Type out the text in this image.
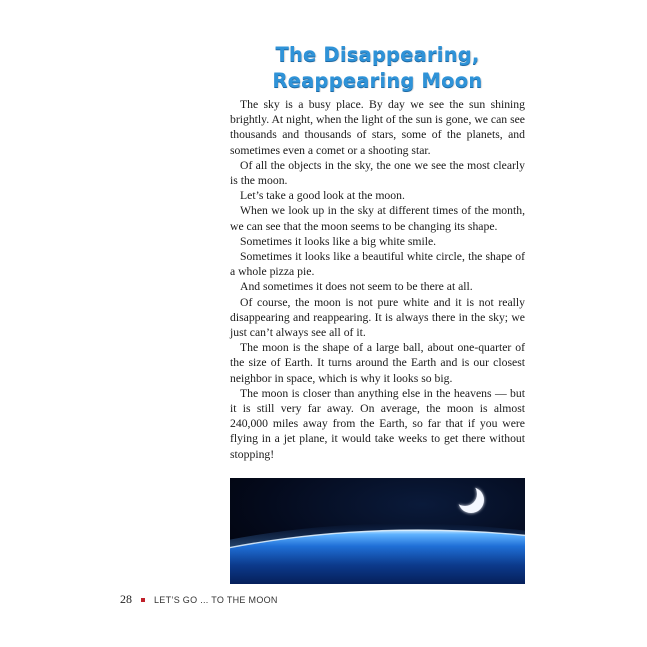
The Disappearing,
Reappearing Moon

The sky is a busy place. By day we see the sun shining brightly. At night, when the light of the sun is gone, we can see thousands and thousands of stars, some of the planets, and sometimes even a comet or a shooting star.

Of all the objects in the sky, the one we see the most clearly is the moon.

Let’s take a good look at the moon.

When we look up in the sky at different times of the month, we can see that the moon seems to be changing its shape.

Sometimes it looks like a big white smile.

Sometimes it looks like a beautiful white circle, the shape of a whole pizza pie.

And sometimes it does not seem to be there at all.

Of course, the moon is not pure white and it is not really disappearing and reappearing. It is always there in the sky; we just can’t always see all of it.

The moon is the shape of a large ball, about one-quarter of the size of Earth. It turns around the Earth and is our closest neighbor in space, which is why it looks so big.

The moon is closer than anything else in the heavens — but it is still very far away. On average, the moon is almost 240,000 miles away from the Earth, so far that if you were flying in a jet plane, it would take weeks to get there without stopping!

28 LET’S GO ... TO THE MOON
